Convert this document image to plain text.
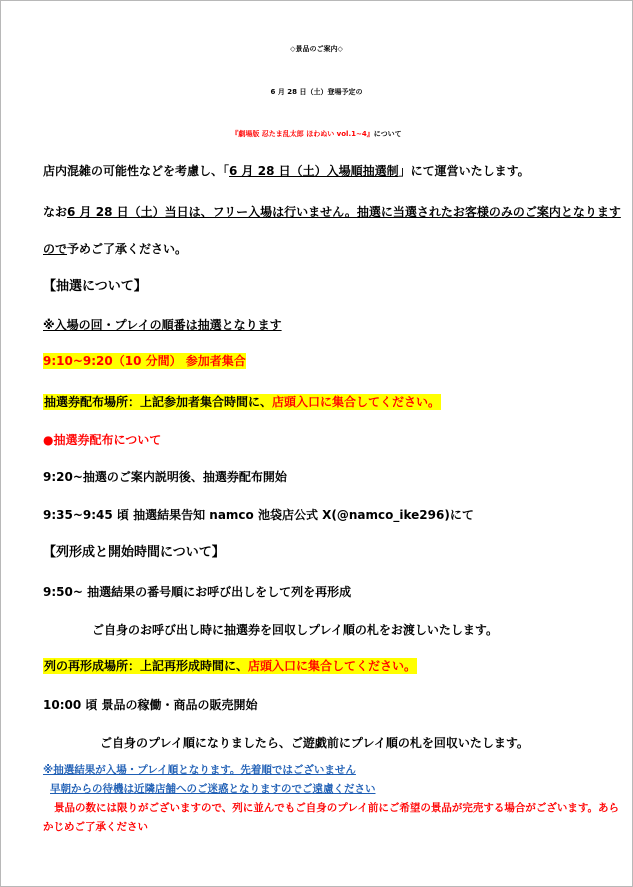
◇景品のご案内◇
6 月 28 日（土）登場予定の
『劇場版 忍たま乱太郎 ほわぬい vol.1~4』について
店内混雑の可能性などを考慮し、「6 月 28 日（土）入場順抽選制」にて運営いたします。
なお6 月 28 日（土）当日は、フリー入場は行いません。抽選に当選されたお客様のみのご案内となります
ので予めご了承ください。
【抽選について】
※入場の回・プレイの順番は抽選となります
9:10~9:20（10 分間） 参加者集合
抽選券配布場所：上記参加者集合時間に、店頭入口に集合してください。
●抽選券配布について
9:20~抽選のご案内説明後、抽選券配布開始
9:35~9:45 頃 抽選結果告知 namco 池袋店公式 X(@namco_ike296)にて
【列形成と開始時間について】
9:50~ 抽選結果の番号順にお呼び出しをして列を再形成
ご自身のお呼び出し時に抽選券を回収しプレイ順の札をお渡しいたします。
列の再形成場所：上記再形成時間に、店頭入口に集合してください。
10:00 頃 景品の稼働・商品の販売開始
ご自身のプレイ順になりましたら、ご遊戯前にプレイ順の札を回収いたします。
※抽選結果が入場・プレイ順となります。先着順ではございません
早朝からの待機は近隣店舗へのご迷惑となりますのでご遠慮ください
景品の数には限りがございますので、列に並んでもご自身のプレイ前にご希望の景品が完売する場合がございます。あら
かじめご了承ください
